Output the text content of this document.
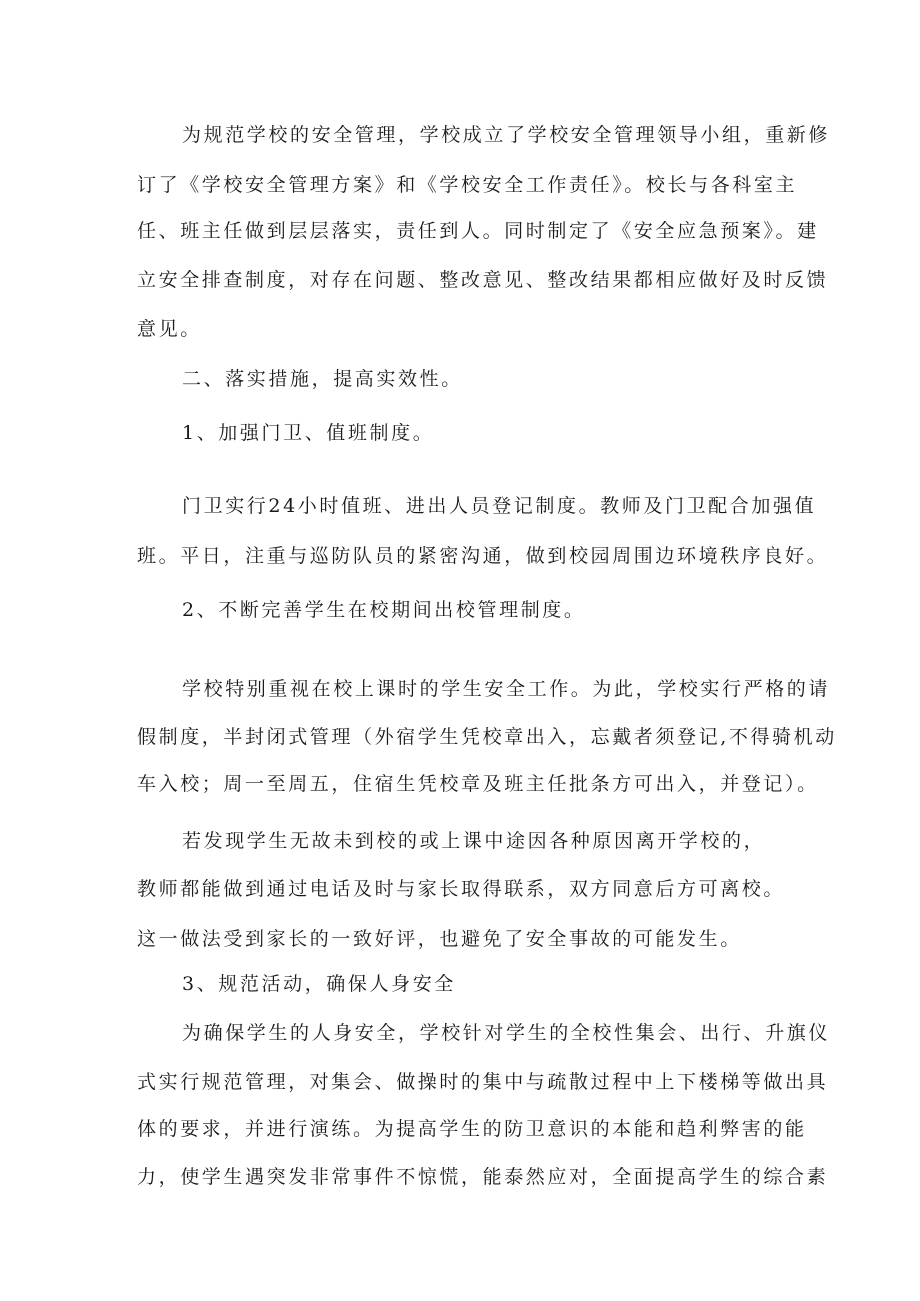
为规范学校的安全管理，学校成立了学校安全管理领导小组，重新修

订了《学校安全管理方案》和《学校安全工作责任》。校长与各科室主

任、班主任做到层层落实，责任到人。同时制定了《安全应急预案》。建

立安全排查制度，对存在问题、整改意见、整改结果都相应做好及时反馈

意见。

二、落实措施，提高实效性。

1、加强门卫、值班制度。

门卫实行24小时值班、进出人员登记制度。教师及门卫配合加强值

班。平日，注重与巡防队员的紧密沟通，做到校园周围边环境秩序良好。

2、不断完善学生在校期间出校管理制度。

学校特别重视在校上课时的学生安全工作。为此，学校实行严格的请

假制度，半封闭式管理（外宿学生凭校章出入，忘戴者须登记,不得骑机动

车入校；周一至周五，住宿生凭校章及班主任批条方可出入，并登记）。

若发现学生无故未到校的或上课中途因各种原因离开学校的，

教师都能做到通过电话及时与家长取得联系，双方同意后方可离校。

这一做法受到家长的一致好评，也避免了安全事故的可能发生。

3、规范活动，确保人身安全

为确保学生的人身安全，学校针对学生的全校性集会、出行、升旗仪

式实行规范管理，对集会、做操时的集中与疏散过程中上下楼梯等做出具

体的要求，并进行演练。为提高学生的防卫意识的本能和趋利弊害的能

力，使学生遇突发非常事件不惊慌，能泰然应对，全面提高学生的综合素
